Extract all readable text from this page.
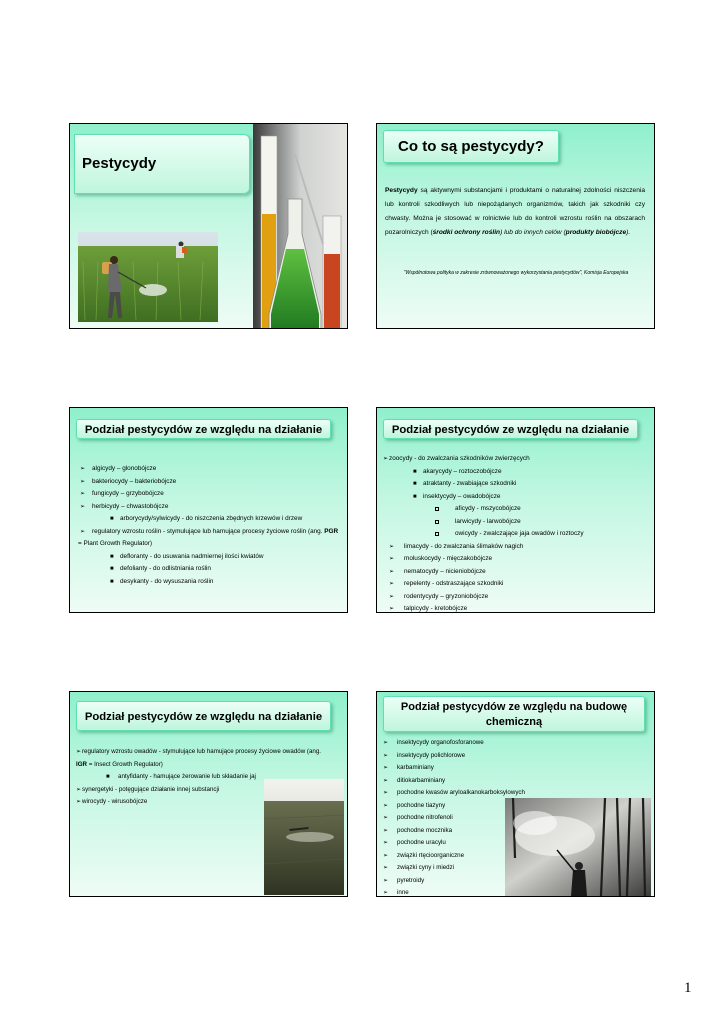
Pestycydy
Co to są pestycydy?
Pestycydy są aktywnymi substancjami i produktami o naturalnej zdolności niszczenia lub kontroli szkodliwych lub niepożądanych organizmów, takich jak szkodniki czy chwasty. Można je stosować w rolnictwie lub do kontroli wzrostu roślin na obszarach pozarolniczych (środki ochrony roślin) lub do innych celów (produkty biobójcze).
"Wspólnotowa polityka w zakresie zrównoważonego wykorzystania pestycydów", Komisja Europejska
Podział pestycydów ze względu na działanie
➢ algicydy – glonobójcze
➢ bakteriocydy – bakteriobójcze
➢ fungicydy – grzybobójcze
➢ herbicydy – chwastobójcze
■ arborycydy/sylwicydy - do niszczenia zbędnych krzewów i drzew
➢ regulatory wzrostu roślin - stymulujące lub hamujące procesy życiowe roślin (ang. PGR
= Plant Growth Regulator)
■ defloranty - do usuwania nadmiernej ilości kwiatów
■ defolianty - do odlistniania roślin
■ desykanty - do wysuszania roślin
Podział pestycydów ze względu na działanie
➢ zoocydy - do zwalczania szkodników zwierzęcych
■ akarycydy – roztoczobójcze
■ atraktanty - zwabiające szkodniki
■ insektycydy – owadobójcze
aficydy - mszycobójcze
larwicydy - larwobójcze
owicydy - zwalczające jaja owadów i roztoczy
➢ limacydy - do zwalczania ślimaków nagich
➢ moluskocydy - mięczakobójcze
➢ nematocydy – nicieniobójcze
➢ repelenty - odstraszające szkodniki
➢ rodentycydy – gryzoniobójcze
➢ talpicydy - kretobójcze
Podział pestycydów ze względu na działanie
➢ regulatory wzrostu owadów - stymulujące lub hamujące procesy życiowe owadów (ang.
IGR = Insect Growth Regulator)
■ antyfidanty - hamujące żerowanie lub składanie jaj
➢ synergetyki - potęgujące działanie innej substancji
➢ wirocydy - wirusobójcze
Podział pestycydów ze względu na budowę
chemiczną
➢ insektycydy organofosforanowe
➢ insektycydy polichlorowe
➢ karbaminiany
➢ ditiokarbaminiany
➢ pochodne kwasów aryloalkanokarboksylowych
➢ pochodne tiazyny
➢ pochodne nitrofenoli
➢ pochodne mocznika
➢ pochodne uracylu
➢ związki rtęcioorganiczne
➢ związki cyny i miedzi
➢ pyretroidy
➢ inne
1
